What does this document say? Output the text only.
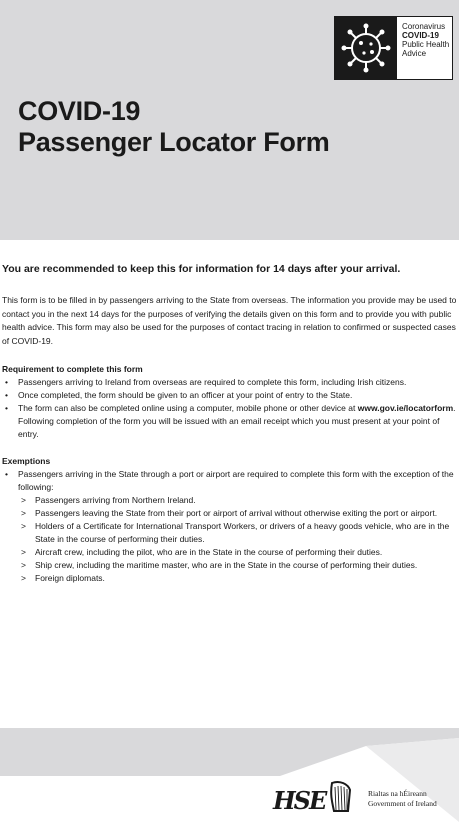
Coronavirus
COVID-19
Public Health
Advice
COVID-19
Passenger Locator Form

You are recommended to keep this for information for 14 days after your arrival.

This form is to be filled in by passengers arriving to the State from overseas. The information you provide may be used to contact you in the next 14 days for the purposes of verifying the details given on this form and to provide you with public health advice. This form may also be used for the purposes of contact tracing in relation to confirmed or suspected cases of COVID-19.

Requirement to complete this form

• Passengers arriving to Ireland from overseas are required to complete this form, including Irish citizens.
• Once completed, the form should be given to an officer at your point of entry to the State.
• The form can also be completed online using a computer, mobile phone or other device at www.gov.ie/locatorform. Following completion of the form you will be issued with an email receipt which you must present at your point of entry.

Exemptions

• Passengers arriving in the State through a port or airport are required to complete this form with the exception of the following:
> Passengers arriving from Northern Ireland.
> Passengers leaving the State from their port or airport of arrival without otherwise exiting the port or airport.
> Holders of a Certificate for International Transport Workers, or drivers of a heavy goods vehicle, who are in the State in the course of performing their duties.
> Aircraft crew, including the pilot, who are in the State in the course of performing their duties.
> Ship crew, including the maritime master, who are in the State in the course of performing their duties.
> Foreign diplomats.
HSE	Rialtas na hÉireann
Government of Ireland
